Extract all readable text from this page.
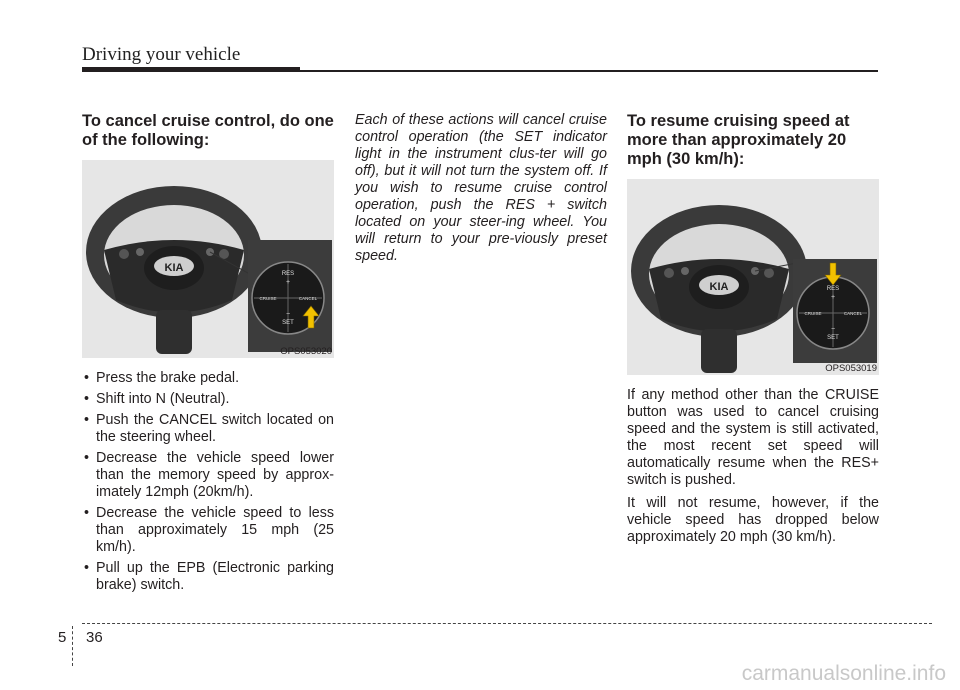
Driving your vehicle
To cancel cruise control, do one of the following:
KIA	RES
+
CRUISE	CANCEL
−
SET
OPS053020
• Press the brake pedal.
• Shift into N (Neutral).
• Push the CANCEL switch located on the steering wheel.
• Decrease the vehicle speed lower than the memory speed by approx-imately 12mph (20km/h).
• Decrease the vehicle speed to less than approximately 15 mph (25 km/h).
• Pull up the EPB (Electronic parking brake) switch.

Each of these actions will cancel cruise control operation (the SET indicator light in the instrument clus-ter will go off), but it will not turn the system off. If you wish to resume cruise control operation, push the RES + switch located on your steer-ing wheel. You will return to your pre-viously preset speed.

To resume cruising speed at more than approximately 20 mph (30 km/h):
KIA	RES
+
CRUISE	CANCEL
−
SET
OPS053019

If any method other than the CRUISE button was used to cancel cruising speed and the system is still activated, the most recent set speed will automatically resume when the RES+ switch is pushed.

It will not resume, however, if the vehicle speed has dropped below approximately 20 mph (30 km/h).

5 36
carmanualsonline.info
